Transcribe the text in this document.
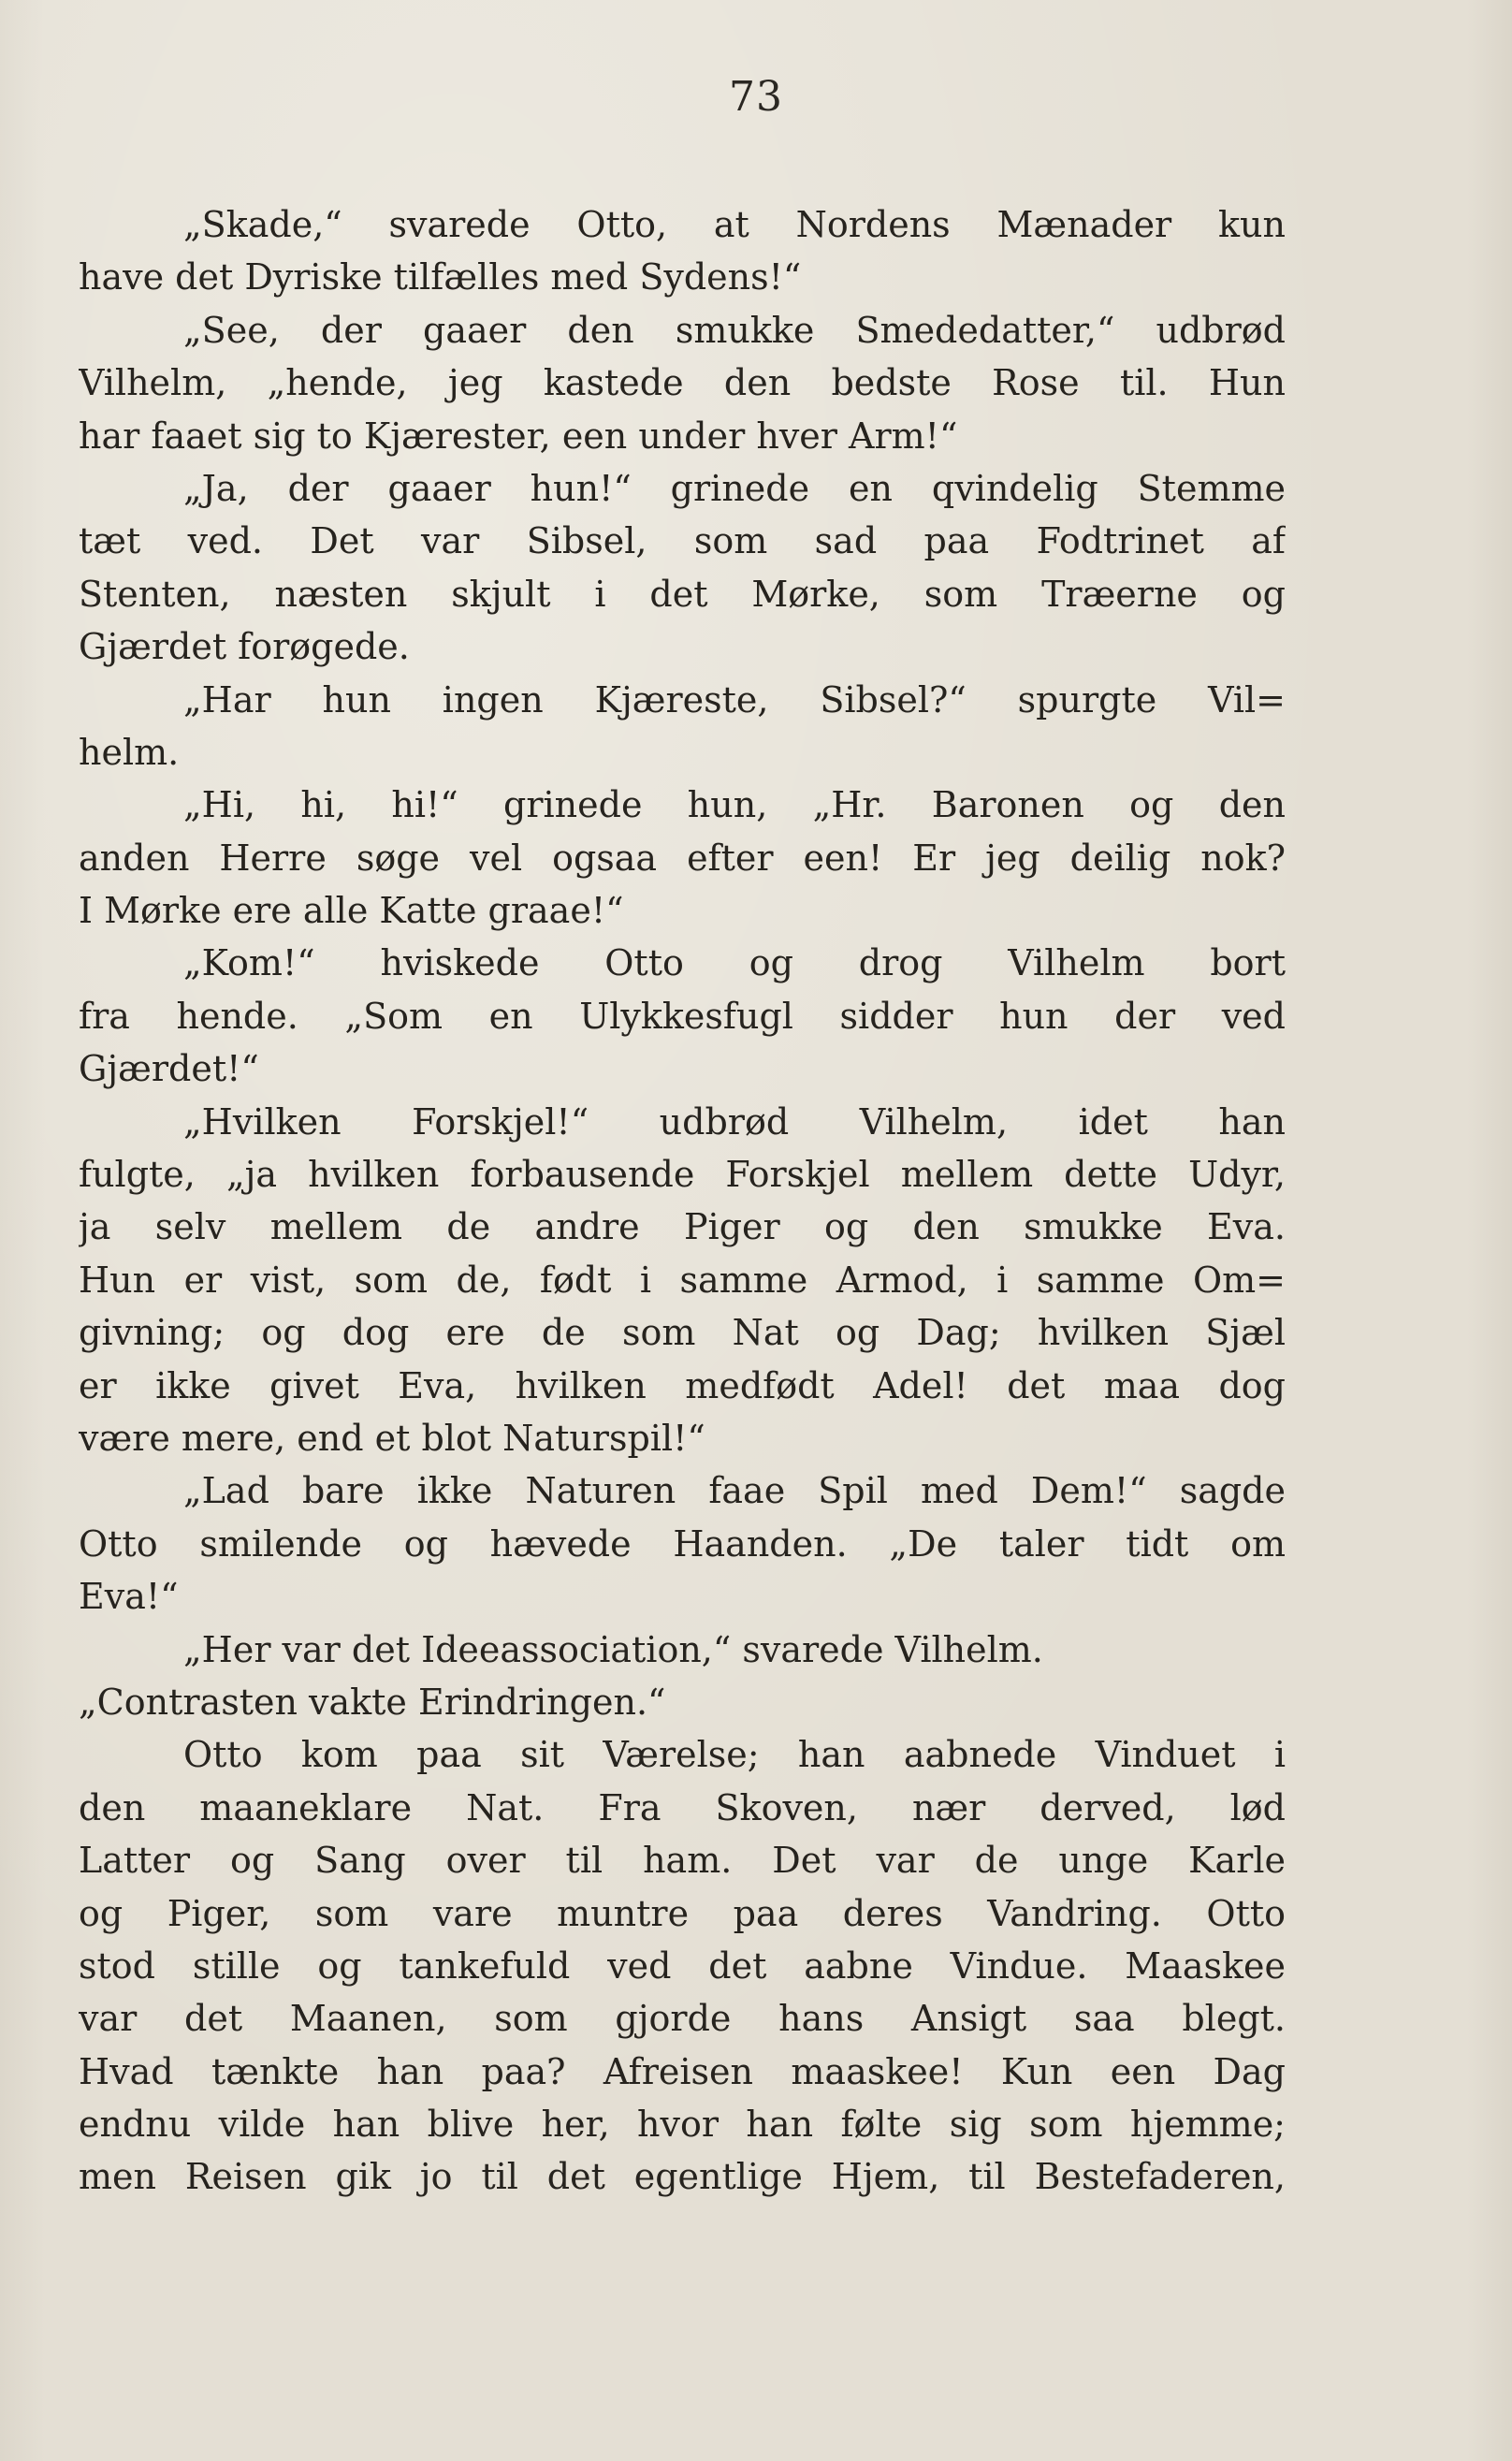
73
„Skade,“ svarede Otto, at Nordens Mænader kun
have det Dyriske tilfælles med Sydens!“
„See, der gaaer den smukke Smededatter,“ udbrød
Vilhelm, „hende, jeg kastede den bedste Rose til. Hun
har faaet sig to Kjærester, een under hver Arm!“
„Ja, der gaaer hun!“ grinede en qvindelig Stemme
tæt ved. Det var Sibsel, som sad paa Fodtrinet af
Stenten, næsten skjult i det Mørke, som Træerne og
Gjærdet forøgede.
„Har hun ingen Kjæreste, Sibsel?“ spurgte Vil=
helm.
„Hi, hi, hi!“ grinede hun, „Hr. Baronen og den
anden Herre søge vel ogsaa efter een! Er jeg deilig nok?
I Mørke ere alle Katte graae!“
„Kom!“ hviskede Otto og drog Vilhelm bort
fra hende. „Som en Ulykkesfugl sidder hun der ved
Gjærdet!“
„Hvilken Forskjel!“ udbrød Vilhelm, idet han
fulgte, „ja hvilken forbausende Forskjel mellem dette Udyr,
ja selv mellem de andre Piger og den smukke Eva.
Hun er vist, som de, født i samme Armod, i samme Om=
givning; og dog ere de som Nat og Dag; hvilken Sjæl
er ikke givet Eva, hvilken medfødt Adel! det maa dog
være mere, end et blot Naturspil!“
„Lad bare ikke Naturen faae Spil med Dem!“ sagde
Otto smilende og hævede Haanden. „De taler tidt om
Eva!“
„Her var det Ideeassociation,“ svarede Vilhelm.
„Contrasten vakte Erindringen.“
Otto kom paa sit Værelse; han aabnede Vinduet i
den maaneklare Nat. Fra Skoven, nær derved, lød
Latter og Sang over til ham. Det var de unge Karle
og Piger, som vare muntre paa deres Vandring. Otto
stod stille og tankefuld ved det aabne Vindue. Maaskee
var det Maanen, som gjorde hans Ansigt saa blegt.
Hvad tænkte han paa? Afreisen maaskee! Kun een Dag
endnu vilde han blive her, hvor han følte sig som hjemme;
men Reisen gik jo til det egentlige Hjem, til Bestefaderen,
